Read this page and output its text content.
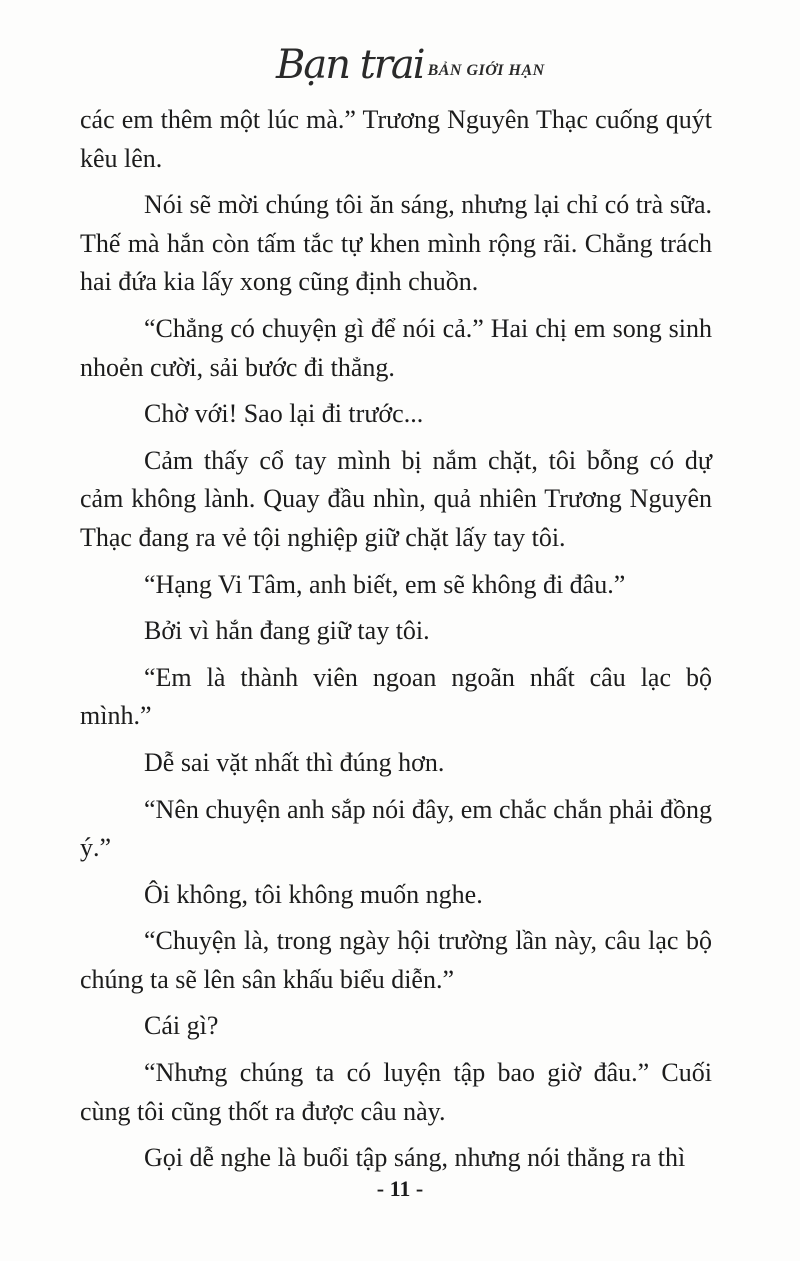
Bạn trai BẢN GIỚI HẠN

các em thêm một lúc mà.” Trương Nguyên Thạc cuống quýt kêu lên.

Nói sẽ mời chúng tôi ăn sáng, nhưng lại chỉ có trà sữa. Thế mà hắn còn tấm tắc tự khen mình rộng rãi. Chẳng trách hai đứa kia lấy xong cũng định chuồn.

“Chẳng có chuyện gì để nói cả.” Hai chị em song sinh nhoẻn cười, sải bước đi thẳng.

Chờ với! Sao lại đi trước...

Cảm thấy cổ tay mình bị nắm chặt, tôi bỗng có dự cảm không lành. Quay đầu nhìn, quả nhiên Trương Nguyên Thạc đang ra vẻ tội nghiệp giữ chặt lấy tay tôi.

“Hạng Vi Tâm, anh biết, em sẽ không đi đâu.”

Bởi vì hắn đang giữ tay tôi.

“Em là thành viên ngoan ngoãn nhất câu lạc bộ mình.”

Dễ sai vặt nhất thì đúng hơn.

“Nên chuyện anh sắp nói đây, em chắc chắn phải đồng ý.”

Ôi không, tôi không muốn nghe.

“Chuyện là, trong ngày hội trường lần này, câu lạc bộ chúng ta sẽ lên sân khấu biểu diễn.”

Cái gì?

“Nhưng chúng ta có luyện tập bao giờ đâu.” Cuối cùng tôi cũng thốt ra được câu này.

Gọi dễ nghe là buổi tập sáng, nhưng nói thẳng ra thì

- 11 -
